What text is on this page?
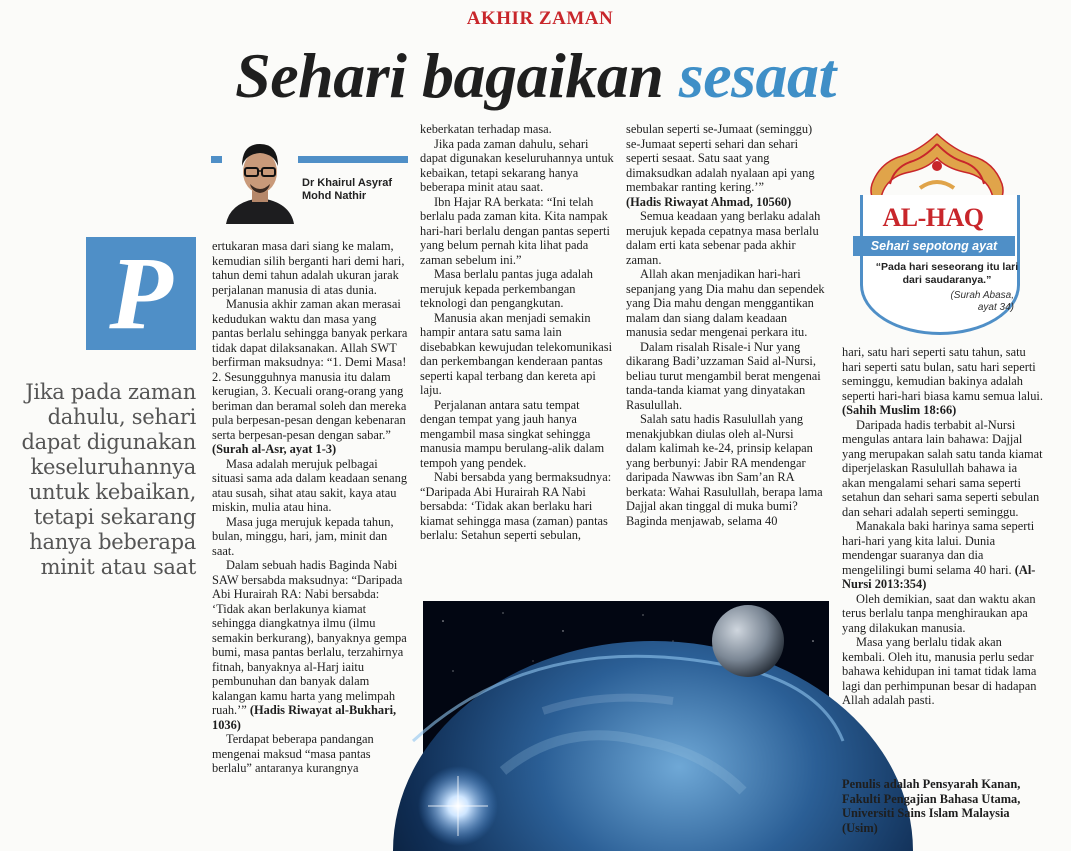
AKHIR ZAMAN
Sehari bagaikan sesaat
Dr Khairul Asyraf
Mohd Nathir
P
Jika pada zaman dahulu, sehari dapat digunakan keseluruhannya untuk kebaikan, tetapi sekarang hanya beberapa minit atau saat

ertukaran masa dari siang ke malam, kemudian silih berganti hari demi hari, tahun demi tahun adalah ukuran jarak perjalanan manusia di atas dunia.

Manusia akhir zaman akan merasai kedudukan waktu dan masa yang pantas berlalu sehingga banyak perkara tidak dapat dilaksanakan. Allah SWT berfirman maksudnya: “1. Demi Masa! 2. Sesungguhnya manusia itu dalam kerugian, 3. Kecuali orang-orang yang beriman dan beramal soleh dan mereka pula berpesan-pesan dengan kebenaran serta berpesan-pesan dengan sabar.” (Surah al-Asr, ayat 1-3)

Masa adalah merujuk pelbagai situasi sama ada dalam keadaan senang atau susah, sihat atau sakit, kaya atau miskin, mulia atau hina.

Masa juga merujuk kepada tahun, bulan, minggu, hari, jam, minit dan saat.

Dalam sebuah hadis Baginda Nabi SAW bersabda maksudnya: “Daripada Abi Hurairah RA: Nabi bersabda: ‘Tidak akan berlakunya kiamat sehingga diangkatnya ilmu (ilmu semakin berkurang), banyaknya gempa bumi, masa pantas berlalu, terzahirnya fitnah, banyaknya al-Harj iaitu pembunuhan dan banyak dalam kalangan kamu harta yang melimpah ruah.’” (Hadis Riwayat al-Bukhari, 1036)

Terdapat beberapa pandangan mengenai maksud “masa pantas berlalu” antaranya kurangnya

keberkatan terhadap masa.

Jika pada zaman dahulu, sehari dapat digunakan keseluruhannya untuk kebaikan, tetapi sekarang hanya beberapa minit atau saat.

Ibn Hajar RA berkata: “Ini telah berlalu pada zaman kita. Kita nampak hari-hari berlalu dengan pantas seperti yang belum pernah kita lihat pada zaman sebelum ini.”

Masa berlalu pantas juga adalah merujuk kepada perkembangan teknologi dan pengangkutan.

Manusia akan menjadi semakin hampir antara satu sama lain disebabkan kewujudan telekomunikasi dan perkembangan kenderaan pantas seperti kapal terbang dan kereta api laju.

Perjalanan antara satu tempat dengan tempat yang jauh hanya mengambil masa singkat sehingga manusia mampu berulang-alik dalam tempoh yang pendek.

Nabi bersabda yang bermaksudnya: “Daripada Abi Hurairah RA Nabi bersabda: ‘Tidak akan berlaku hari kiamat sehingga masa (zaman) pantas berlalu: Setahun seperti sebulan,

sebulan seperti se-Jumaat (seminggu) se-Jumaat seperti sehari dan sehari seperti sesaat. Satu saat yang dimaksudkan adalah nyalaan api yang membakar ranting kering.’”
(Hadis Riwayat Ahmad, 10560)

Semua keadaan yang berlaku adalah merujuk kepada cepatnya masa berlalu dalam erti kata sebenar pada akhir zaman.

Allah akan menjadikan hari-hari sepanjang yang Dia mahu dan sependek yang Dia mahu dengan menggantikan malam dan siang dalam keadaan manusia sedar mengenai perkara itu.

Dalam risalah Risale-i Nur yang dikarang Badi’uzzaman Said al-Nursi, beliau turut mengambil berat mengenai tanda-tanda kiamat yang dinyatakan Rasulullah.

Salah satu hadis Rasulullah yang menakjubkan diulas oleh al-Nursi dalam kalimah ke-24, prinsip kelapan yang berbunyi: Jabir RA mendengar daripada Nawwas ibn Sam’an RA berkata: Wahai Rasulullah, berapa lama Dajjal akan tinggal di muka bumi? Baginda menjawab, selama 40

AL-HAQ
Sehari sepotong ayat
“Pada hari seseorang itu lari dari saudaranya.”
(Surah Abasa,
ayat 34)

hari, satu hari seperti satu tahun, satu hari seperti satu bulan, satu hari seperti seminggu, kemudian bakinya adalah seperti hari-hari biasa kamu semua lalui. (Sahih Muslim 18:66)

Daripada hadis terbabit al-Nursi mengulas antara lain bahawa: Dajjal yang merupakan salah satu tanda kiamat diperjelaskan Rasulullah bahawa ia akan mengalami sehari sama seperti setahun dan sehari sama seperti sebulan dan sehari adalah seperti seminggu.

Manakala baki harinya sama seperti hari-hari yang kita lalui. Dunia mendengar suaranya dan dia mengelilingi bumi selama 40 hari. (Al-Nursi 2013:354)

Oleh demikian, saat dan waktu akan terus berlalu tanpa menghiraukan apa yang dilakukan manusia.

Masa yang berlalu tidak akan kembali. Oleh itu, manusia perlu sedar bahawa kehidupan ini tamat tidak lama lagi dan perhimpunan besar di hadapan Allah adalah pasti.

Penulis adalah Pensyarah Kanan, Fakulti Pengajian Bahasa Utama, Universiti Sains Islam Malaysia (Usim)
